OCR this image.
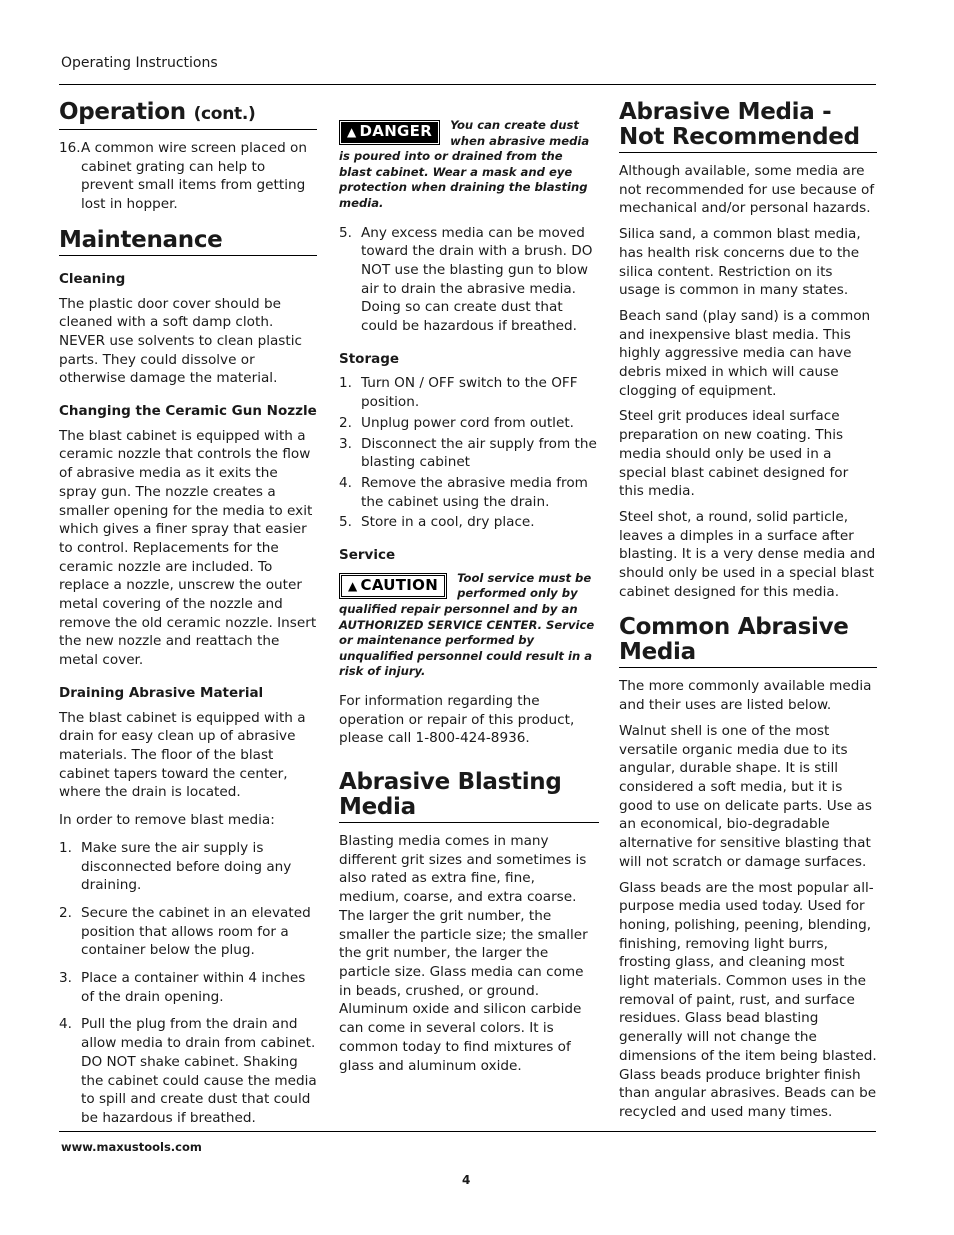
Operating Instructions
Operation (cont.)
16. A common wire screen placed on cabinet grating can help to prevent small items from getting lost in hopper.
Maintenance
Cleaning

The plastic door cover should be cleaned with a soft damp cloth. NEVER use solvents to clean plastic parts. They could dissolve or otherwise damage the material.

Changing the Ceramic Gun Nozzle

The blast cabinet is equipped with a ceramic nozzle that controls the flow of abrasive media as it exits the spray gun. The nozzle creates a smaller opening for the media to exit which gives a finer spray that easier to control. Replacements for the ceramic nozzle are included. To replace a nozzle, unscrew the outer metal covering of the nozzle and remove the old ceramic nozzle. Insert the new nozzle and reattach the metal cover.

Draining Abrasive Material

The blast cabinet is equipped with a drain for easy clean up of abrasive materials. The floor of the blast cabinet tapers toward the center, where the drain is located.

In order to remove blast media:

1. Make sure the air supply is disconnected before doing any draining.
2. Secure the cabinet in an elevated position that allows room for a container below the plug.
3. Place a container within 4 inches of the drain opening.
4. Pull the plug from the drain and allow media to drain from cabinet. DO NOT shake cabinet. Shaking the cabinet could cause the media to spill and create dust that could be hazardous if breathed.
▲ DANGER	You can create dust when abrasive media is poured into or drained from the blast cabinet. Wear a mask and eye protection when draining the blasting media.
5. Any excess media can be moved toward the drain with a brush. DO NOT use the blasting gun to blow air to drain the abrasive media. Doing so can create dust that could be hazardous if breathed.
Storage
1. Turn ON / OFF switch to the OFF position.
2. Unplug power cord from outlet.
3. Disconnect the air supply from the blasting cabinet
4. Remove the abrasive media from the cabinet using the drain.
5. Store in a cool, dry place.
Service
▲ CAUTION	Tool service must be performed only by qualified repair personnel and by an AUTHORIZED SERVICE CENTER. Service or maintenance performed by unqualified personnel could result in a risk of injury.

For information regarding the operation or repair of this product, please call 1-800-424-8936.

Abrasive Blasting Media

Blasting media comes in many different grit sizes and sometimes is also rated as extra fine, fine, medium, coarse, and extra coarse. The larger the grit number, the smaller the particle size; the smaller the grit number, the larger the particle size. Glass media can come in beads, crushed, or ground. Aluminum oxide and silicon carbide can come in several colors. It is common today to find mixtures of glass and aluminum oxide.

Abrasive Media - Not Recommended

Although available, some media are not recommended for use because of mechanical and/or personal hazards.

Silica sand, a common blast media, has health risk concerns due to the silica content. Restriction on its usage is common in many states.

Beach sand (play sand) is a common and inexpensive blast media. This highly aggressive media can have debris mixed in which will cause clogging of equipment.

Steel grit produces ideal surface preparation on new coating. This media should only be used in a special blast cabinet designed for this media.

Steel shot, a round, solid particle, leaves a dimples in a surface after blasting. It is a very dense media and should only be used in a special blast cabinet designed for this media.

Common Abrasive Media

The more commonly available media and their uses are listed below.

Walnut shell is one of the most versatile organic media due to its angular, durable shape. It is still considered a soft media, but it is good to use on delicate parts. Use as an economical, bio-degradable alternative for sensitive blasting that will not scratch or damage surfaces.

Glass beads are the most popular all-purpose media used today. Used for honing, polishing, peening, blending, finishing, removing light burrs, frosting glass, and cleaning most light materials. Common uses in the removal of paint, rust, and surface residues. Glass bead blasting generally will not change the dimensions of the item being blasted. Glass beads produce brighter finish than angular abrasives. Beads can be recycled and used many times.

www.maxustools.com
4
